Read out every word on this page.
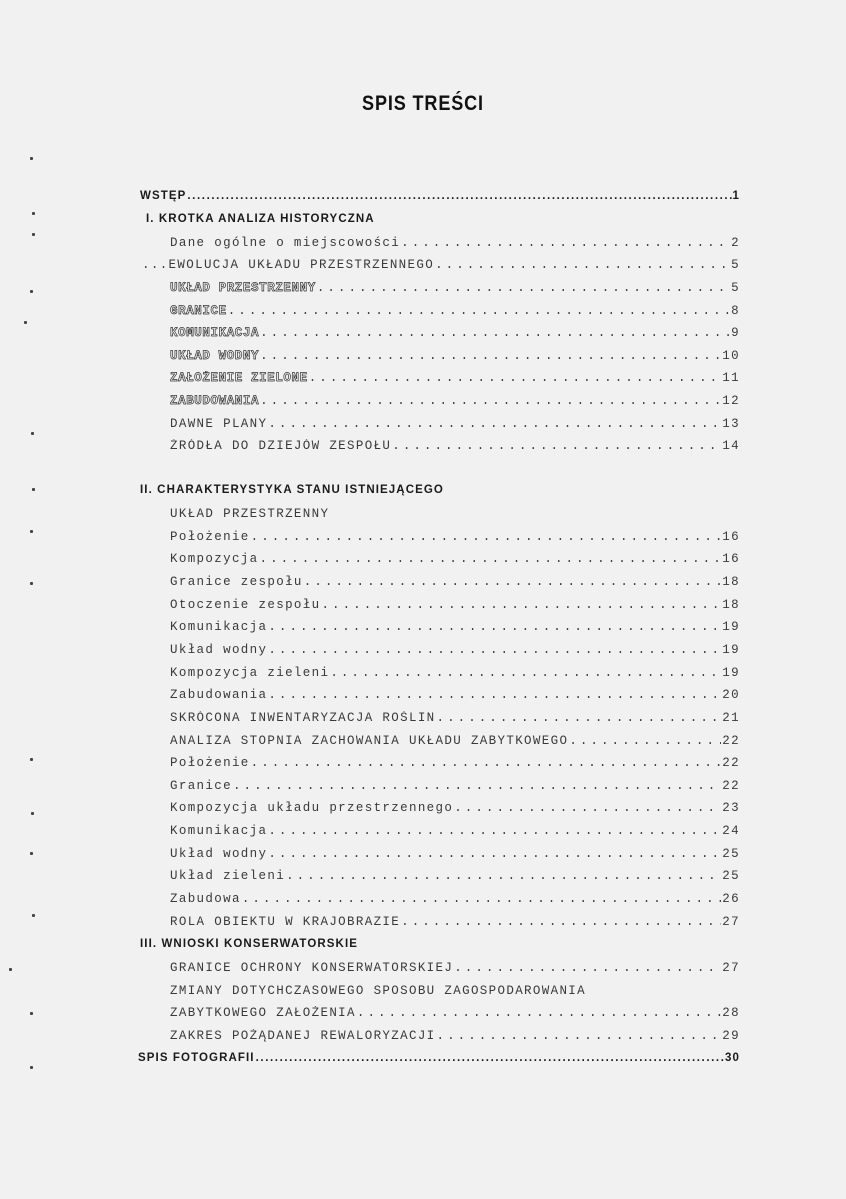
SPIS TREŚCI
WSTĘP .....	1
I. KRÓTKA ANALIZA HISTORYCZNA
Dane ogólne o miejscowości .....	2
...EWOLUCJA UKŁADU PRZESTRZENNEGO .....	5
UKŁAD PRZESTRZENNY .....	5
GRANICE .....	8
KOMUNIKACJA .....	9
UKŁAD WODNY .....	10
ZAŁOŻENIE ZIELONE .....	11
ZABUDOWANIA .....	12
DAWNE PLANY .....	13
ŹRÓDŁA DO DZIEJÓW ZESPOŁU .....	14
II. CHARAKTERYSTYKA STANU ISTNIEJĄCEGO
UKŁAD PRZESTRZENNY
Położenie .....	16
Kompozycja .....	16
Granice zespołu .....	18
Otoczenie zespołu .....	18
Komunikacja .....	19
Układ wodny .....	19
Kompozycja zieleni .....	19
Zabudowania .....	20
SKRÓCONA INWENTARYZACJA ROŚLIN .....	21
ANALIZA STOPNIA ZACHOWANIA UKŁADU ZABYTKOWEGO .....	22
Położenie .....	22
Granice .....	22
Kompozycja układu przestrzennego .....	23
Komunikacja .....	24
Układ wodny .....	25
Układ zieleni .....	25
Zabudowa .....	26
ROLA OBIEKTU W KRAJOBRAZIE .....	27
III. WNIOSKI KONSERWATORSKIE
GRANICE OCHRONY KONSERWATORSKIEJ .....	27
ZMIANY DOTYCHCZASOWEGO SPOSOBU ZAGOSPODAROWANIA
ZABYTKOWEGO ZAŁOŻENIA .....	28
ZAKRES POŻĄDANEJ REWALORYZACJI .....	29
SPIS FOTOGRAFII .....	30
